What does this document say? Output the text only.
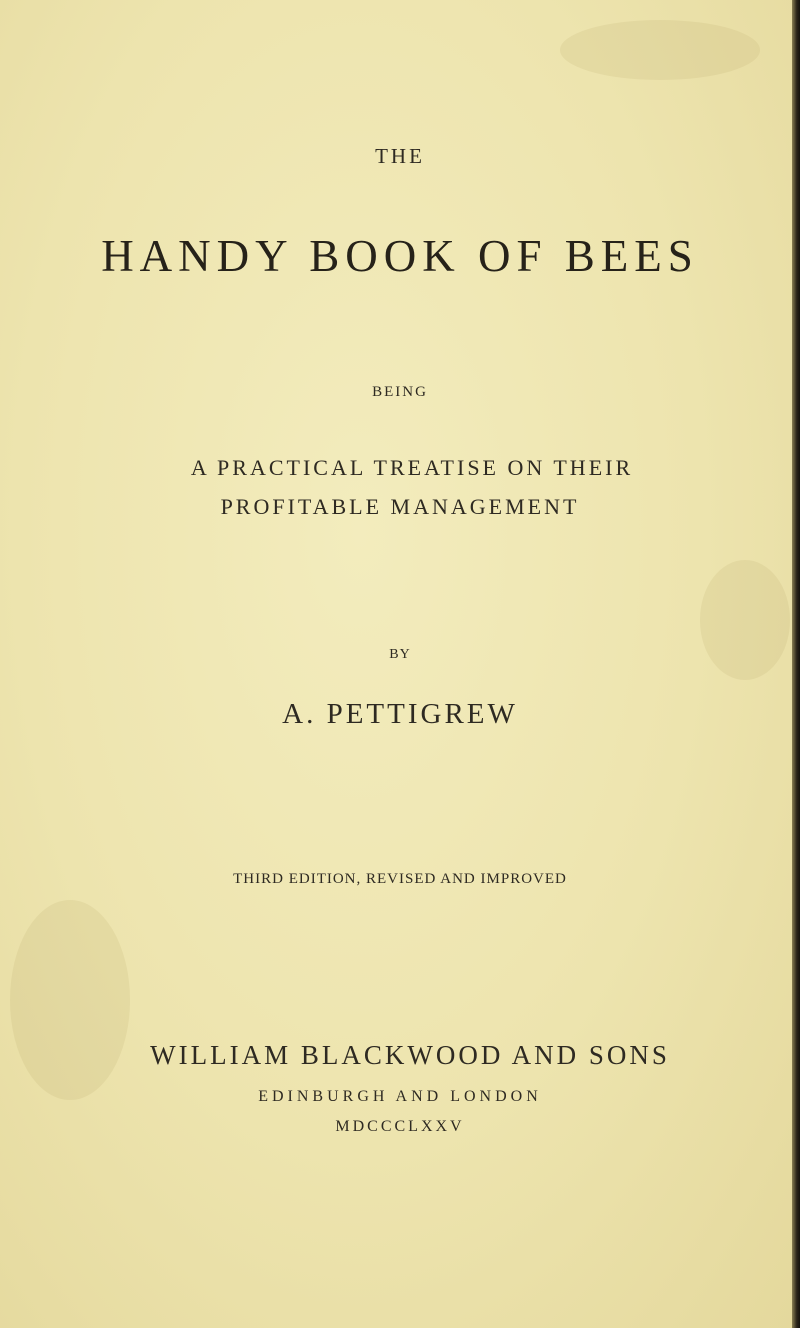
THE

HANDY BOOK OF BEES

BEING

A PRACTICAL TREATISE ON THEIR

PROFITABLE MANAGEMENT

BY

A. PETTIGREW

THIRD EDITION, REVISED AND IMPROVED

WILLIAM BLACKWOOD AND SONS

EDINBURGH AND LONDON

MDCCCLXXV
